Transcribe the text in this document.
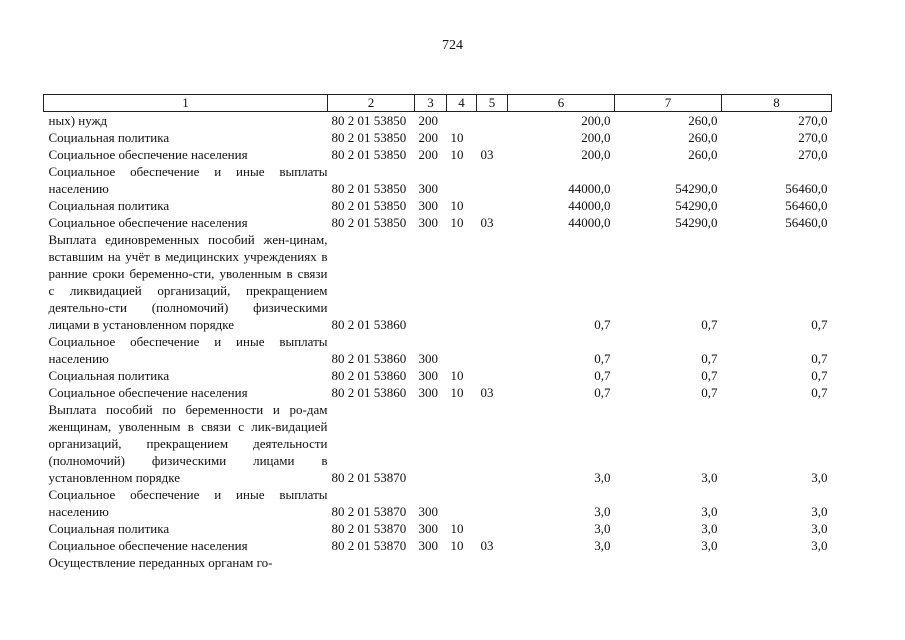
724
1	2	3	4	5	6	7	8
ных) нужд	80 2 01 53850	200			200,0	260,0	270,0
Социальная политика	80 2 01 53850	200	10		200,0	260,0	270,0
Социальное обеспечение населения	80 2 01 53850	200	10	03	200,0	260,0	270,0
Социальное обеспечение и иные выплаты населению	80 2 01 53850	300			44000,0	54290,0	56460,0
Социальная политика	80 2 01 53850	300	10		44000,0	54290,0	56460,0
Социальное обеспечение населения	80 2 01 53850	300	10	03	44000,0	54290,0	56460,0
Выплата единовременных пособий жен-цинам, вставшим на учёт в медицинских учреждениях в ранние сроки беременно-сти, уволенным в связи с ликвидацией организаций, прекращением деятельно-сти (полномочий) физическими лицами в установленном порядке	80 2 01 53860				0,7	0,7	0,7
Социальное обеспечение и иные выплаты населению	80 2 01 53860	300			0,7	0,7	0,7
Социальная политика	80 2 01 53860	300	10		0,7	0,7	0,7
Социальное обеспечение населения	80 2 01 53860	300	10	03	0,7	0,7	0,7
Выплата пособий по беременности и ро-дам женщинам, уволенным в связи с лик-видацией организаций, прекращением деятельности (полномочий) физическими лицами в установленном порядке	80 2 01 53870				3,0	3,0	3,0
Социальное обеспечение и иные выплаты населению	80 2 01 53870	300			3,0	3,0	3,0
Социальная политика	80 2 01 53870	300	10		3,0	3,0	3,0
Социальное обеспечение населения	80 2 01 53870	300	10	03	3,0	3,0	3,0
Осуществление переданных органам го-							
